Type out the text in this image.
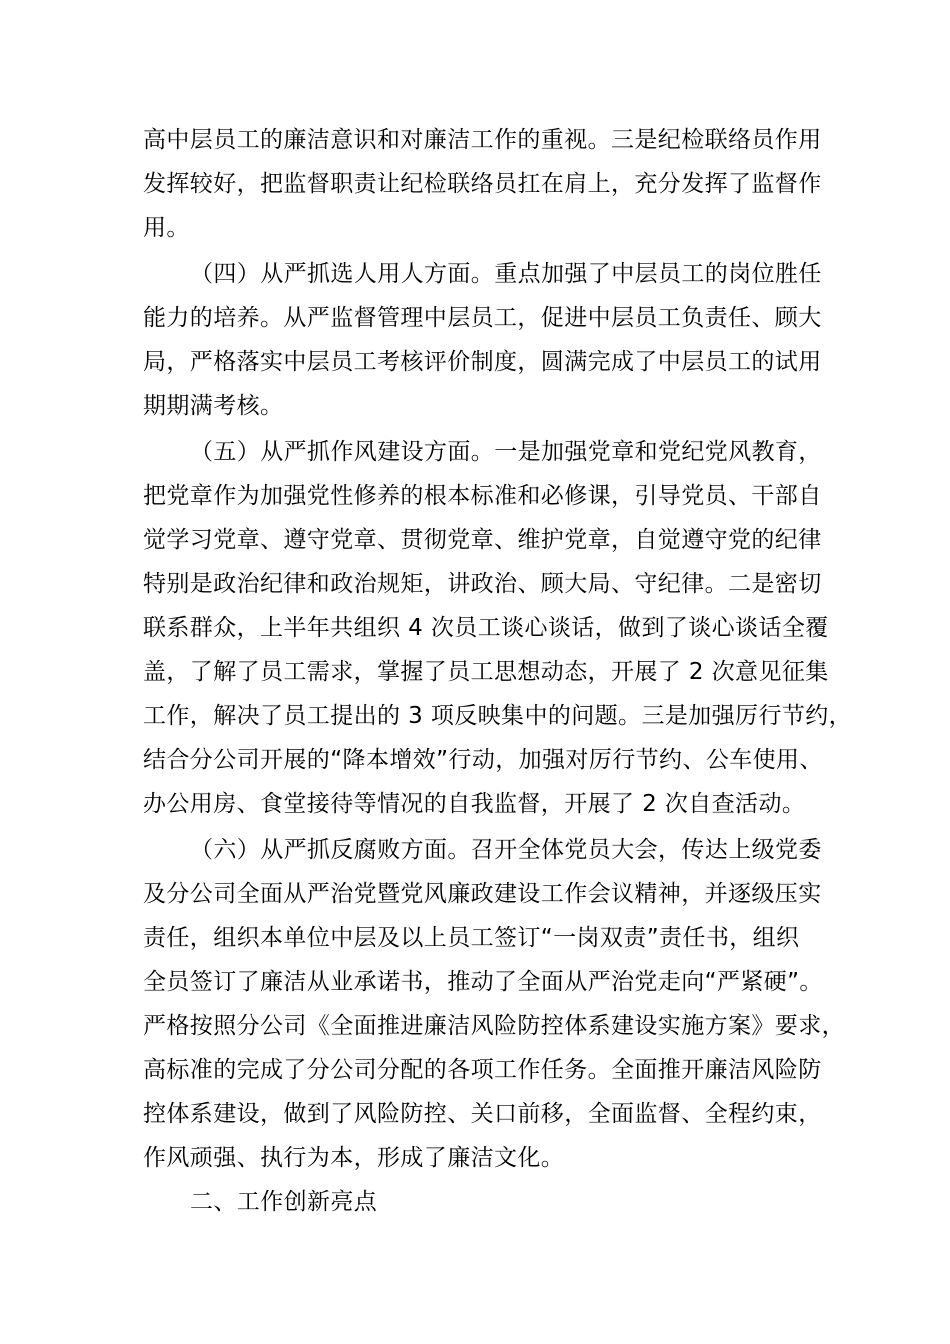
高中层员工的廉洁意识和对廉洁工作的重视。三是纪检联络员作用
发挥较好，把监督职责让纪检联络员扛在肩上，充分发挥了监督作
用。
（四）从严抓选人用人方面。重点加强了中层员工的岗位胜任
能力的培养。从严监督管理中层员工，促进中层员工负责任、顾大
局，严格落实中层员工考核评价制度，圆满完成了中层员工的试用
期期满考核。
（五）从严抓作风建设方面。一是加强党章和党纪党风教育，
把党章作为加强党性修养的根本标准和必修课，引导党员、干部自
觉学习党章、遵守党章、贯彻党章、维护党章，自觉遵守党的纪律
特别是政治纪律和政治规矩，讲政治、顾大局、守纪律。二是密切
联系群众，上半年共组织 4 次员工谈心谈话，做到了谈心谈话全覆
盖，了解了员工需求，掌握了员工思想动态，开展了 2 次意见征集
工作，解决了员工提出的 3 项反映集中的问题。三是加强厉行节约，
结合分公司开展的“降本增效”行动，加强对厉行节约、公车使用、
办公用房、食堂接待等情况的自我监督，开展了 2 次自查活动。
（六）从严抓反腐败方面。召开全体党员大会，传达上级党委
及分公司全面从严治党暨党风廉政建设工作会议精神，并逐级压实
责任，组织本单位中层及以上员工签订“一岗双责”责任书，组织
全员签订了廉洁从业承诺书，推动了全面从严治党走向“严紧硬”。
严格按照分公司《全面推进廉洁风险防控体系建设实施方案》要求，
高标准的完成了分公司分配的各项工作任务。全面推开廉洁风险防
控体系建设，做到了风险防控、关口前移，全面监督、全程约束，
作风顽强、执行为本，形成了廉洁文化。
二、工作创新亮点
